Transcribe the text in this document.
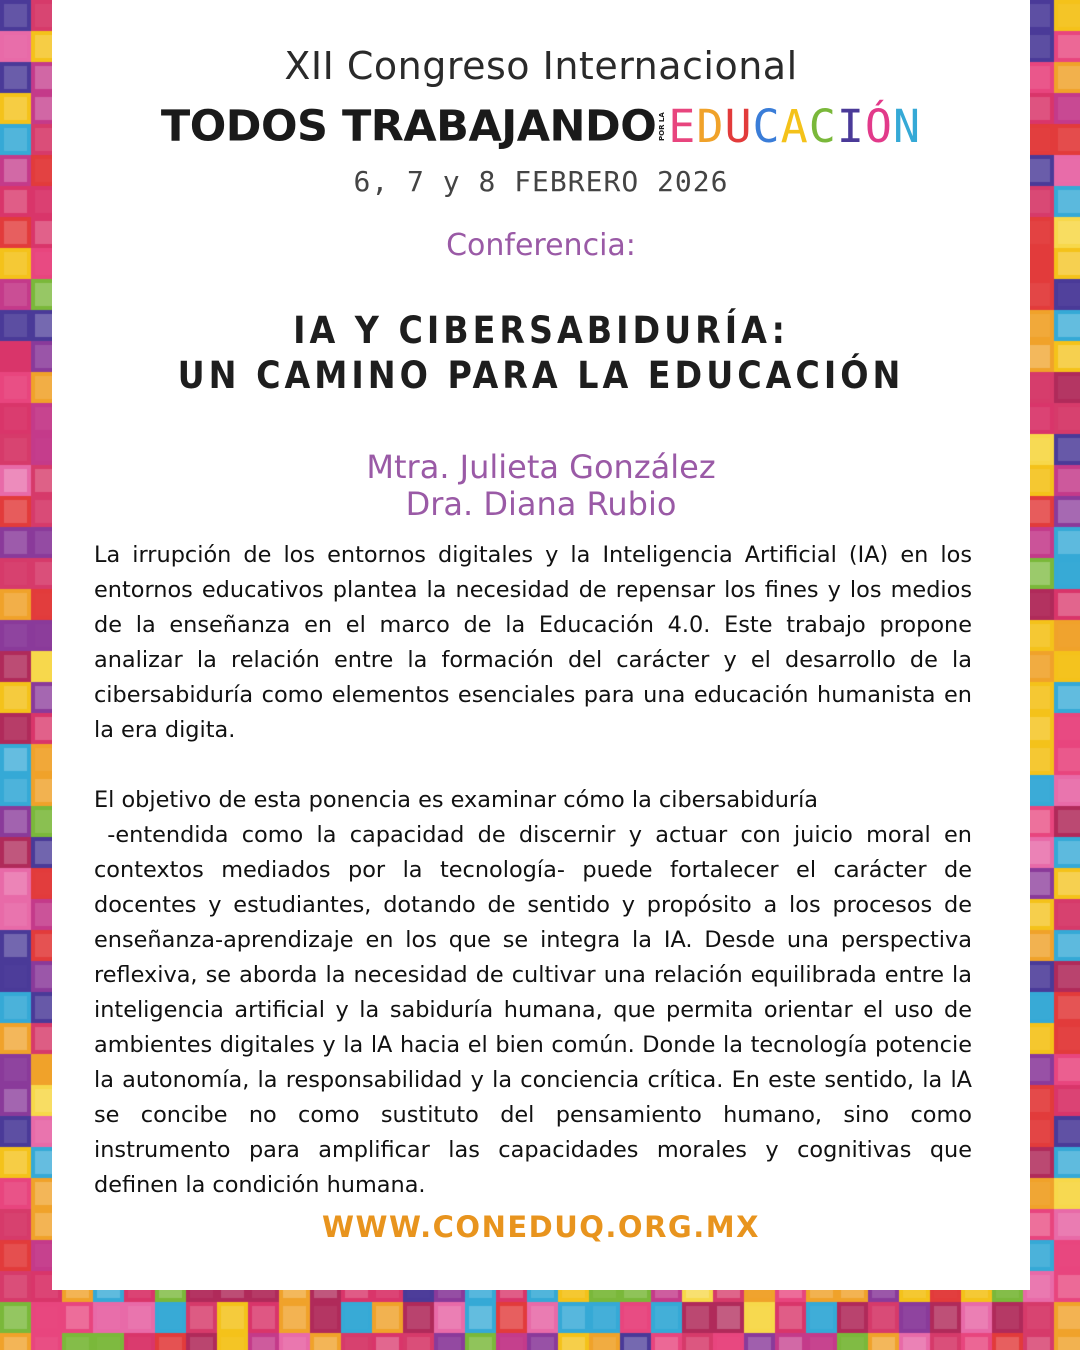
XII Congreso Internacional
TODOS TRABAJANDO POR LAEDUCACIÓN
6, 7 y 8 FEBRERO 2026
Conferencia:
IA Y CIBERSABIDURÍA:
UN CAMINO PARA LA EDUCACIÓN
Mtra. Julieta González
Dra. Diana Rubio

La irrupción de los entornos digitales y la Inteligencia Artificial (IA) en los entornos educativos plantea la necesidad de repensar los fines y los medios de la enseñanza en el marco de la Educación 4.0. Este trabajo propone analizar la relación entre la formación del carácter y el desarrollo de la cibersabiduría como elementos esenciales para una educación humanista en la era digita.

El objetivo de esta ponencia es examinar cómo la cibersabiduría

-entendida como la capacidad de discernir y actuar con juicio moral en contextos mediados por la tecnología- puede fortalecer el carácter de docentes y estudiantes, dotando de sentido y propósito a los procesos de enseñanza-aprendizaje en los que se integra la IA. Desde una perspectiva reflexiva, se aborda la necesidad de cultivar una relación equilibrada entre la inteligencia artificial y la sabiduría humana, que permita orientar el uso de ambientes digitales y la lA hacia el bien común. Donde la tecnología potencie la autonomía, la responsabilidad y la conciencia crítica. En este sentido, la lA se concibe no como sustituto del pensamiento humano, sino como instrumento para amplificar las capacidades morales y cognitivas que definen la condición humana.

WWW.CONEDUQ.ORG.MX
